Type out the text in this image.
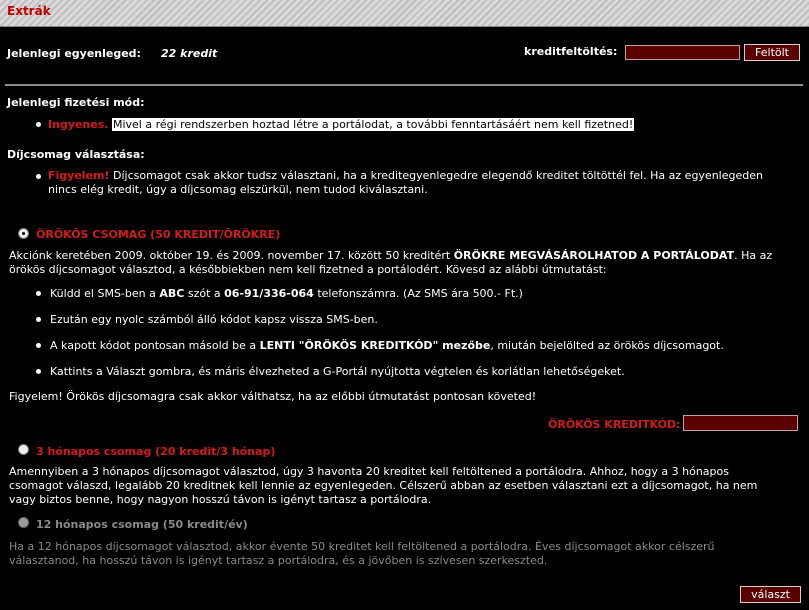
Extrák
Jelenlegi egyenleged: 22 kredit	kreditfeltöltés:	Feltölt
Jelenlegi fizetési mód:
Ingyenes. Mivel a régi rendszerben hoztad létre a portálodat, a további fenntartásáért nem kell fizetned!
Díjcsomag választása:
Figyelem! Díjcsomagot csak akkor tudsz választani, ha a kreditegyenlegedre elegendő kreditet töltöttél fel. Ha az egyenlegeden
nincs elég kredit, úgy a díjcsomag elszürkül, nem tudod kiválasztani.
ÖRÖKÖS CSOMAG (50 KREDIT/ÖRÖKRE)
Akciónk keretében 2009. október 19. és 2009. november 17. között 50 kreditért ÖRÖKRE MEGVÁSÁROLHATOD A PORTÁLODAT. Ha az
örökös díjcsomagot választod, a későbbiekben nem kell fizetned a portálodért. Kövesd az alábbi útmutatást:
Küldd el SMS-ben a ABC szót a 06-91/336-064 telefonszámra. (Az SMS ára 500.- Ft.)
Ezután egy nyolc számból álló kódot kapsz vissza SMS-ben.
A kapott kódot pontosan másold be a LENTI "ÖRÖKÖS KREDITKÓD" mezőbe, miután bejelölted az örökös díjcsomagot.
Kattints a Választ gombra, és máris élvezheted a G-Portál nyújtotta végtelen és korlátlan lehetőségeket.
Figyelem! Örökös díjcsomagra csak akkor válthatsz, ha az előbbi útmutatást pontosan követed!
ÖRÖKÖS KREDITKÓD:
3 hónapos csomag (20 kredit/3 hónap)
Amennyiben a 3 hónapos díjcsomagot választod, úgy 3 havonta 20 kreditet kell feltöltened a portálodra. Ahhoz, hogy a 3 hónapos
csomagot válaszd, legalább 20 kreditnek kell lennie az egyenlegeden. Célszerű abban az esetben választani ezt a díjcsomagot, ha nem
vagy biztos benne, hogy nagyon hosszú távon is igényt tartasz a portálodra.
12 hónapos csomag (50 kredit/év)
Ha a 12 hónapos díjcsomagot választod, akkor évente 50 kreditet kell feltöltened a portálodra. Éves díjcsomagot akkor célszerű
választanod, ha hosszú távon is igényt tartasz a portálodra, és a jövőben is szívesen szerkeszted.
választ
